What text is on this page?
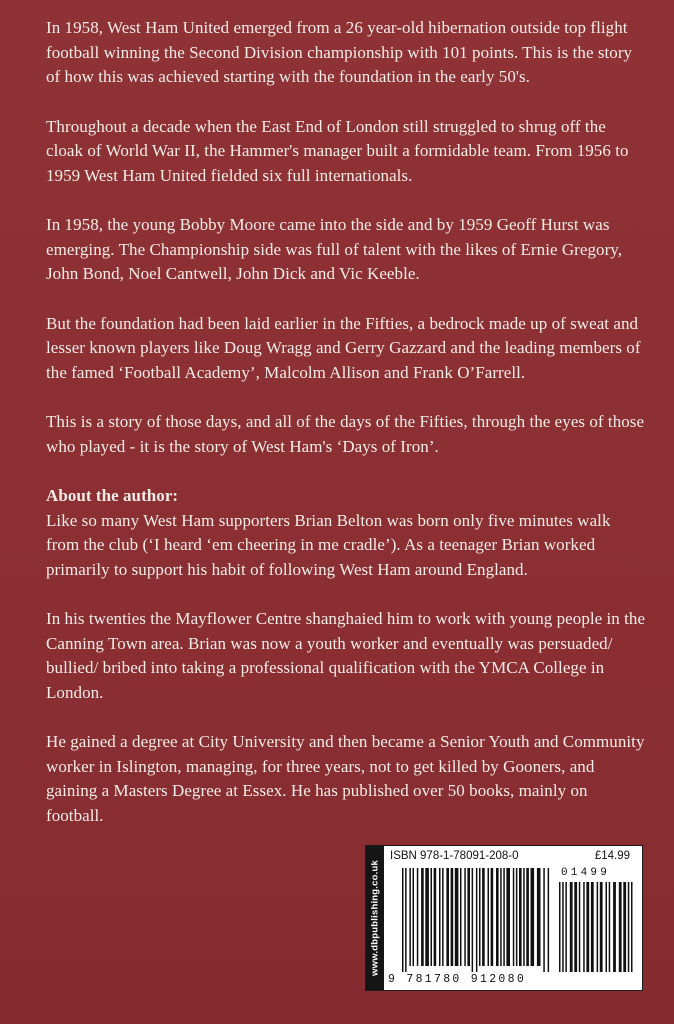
In 1958, West Ham United emerged from a 26 year-old hibernation outside top flight football winning the Second Division championship with 101 points. This is the story of how this was achieved starting with the foundation in the early 50's.

Throughout a decade when the East End of London still struggled to shrug off the cloak of World War II, the Hammer's manager built a formidable team. From 1956 to 1959 West Ham United fielded six full internationals.

In 1958, the young Bobby Moore came into the side and by 1959 Geoff Hurst was emerging. The Championship side was full of talent with the likes of Ernie Gregory, John Bond, Noel Cantwell, John Dick and Vic Keeble.

But the foundation had been laid earlier in the Fifties, a bedrock made up of sweat and lesser known players like Doug Wragg and Gerry Gazzard and the leading members of the famed ‘Football Academy’, Malcolm Allison and Frank O’Farrell.

This is a story of those days, and all of the days of the Fifties, through the eyes of those who played - it is the story of West Ham's ‘Days of Iron’.

About the author:

Like so many West Ham supporters Brian Belton was born only five minutes walk from the club (‘I heard ‘em cheering in me cradle’). As a teenager Brian worked primarily to support his habit of following West Ham around England.

In his twenties the Mayflower Centre shanghaied him to work with young people in the Canning Town area. Brian was now a youth worker and eventually was persuaded/ bullied/ bribed into taking a professional qualification with the YMCA College in London.

He gained a degree at City University and then became a Senior Youth and Community worker in Islington, managing, for three years, not to get killed by Gooners, and gaining a Masters Degree at Essex. He has published over 50 books, mainly on football.

www.dbpublishing.co.uk
ISBN 978-1-78091-208-0	£14.99
01499
9 781780 912080
